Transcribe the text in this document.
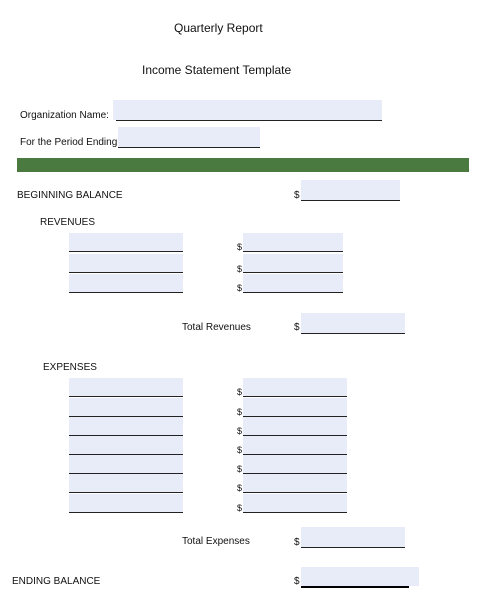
Quarterly Report
Income Statement Template
Organization Name:
For the Period Ending
BEGINNING BALANCE	$
REVENUES
$
$
$
Total Revenues	$
EXPENSES
$
$
$
$
$
$
$
Total Expenses	$
ENDING BALANCE	$
